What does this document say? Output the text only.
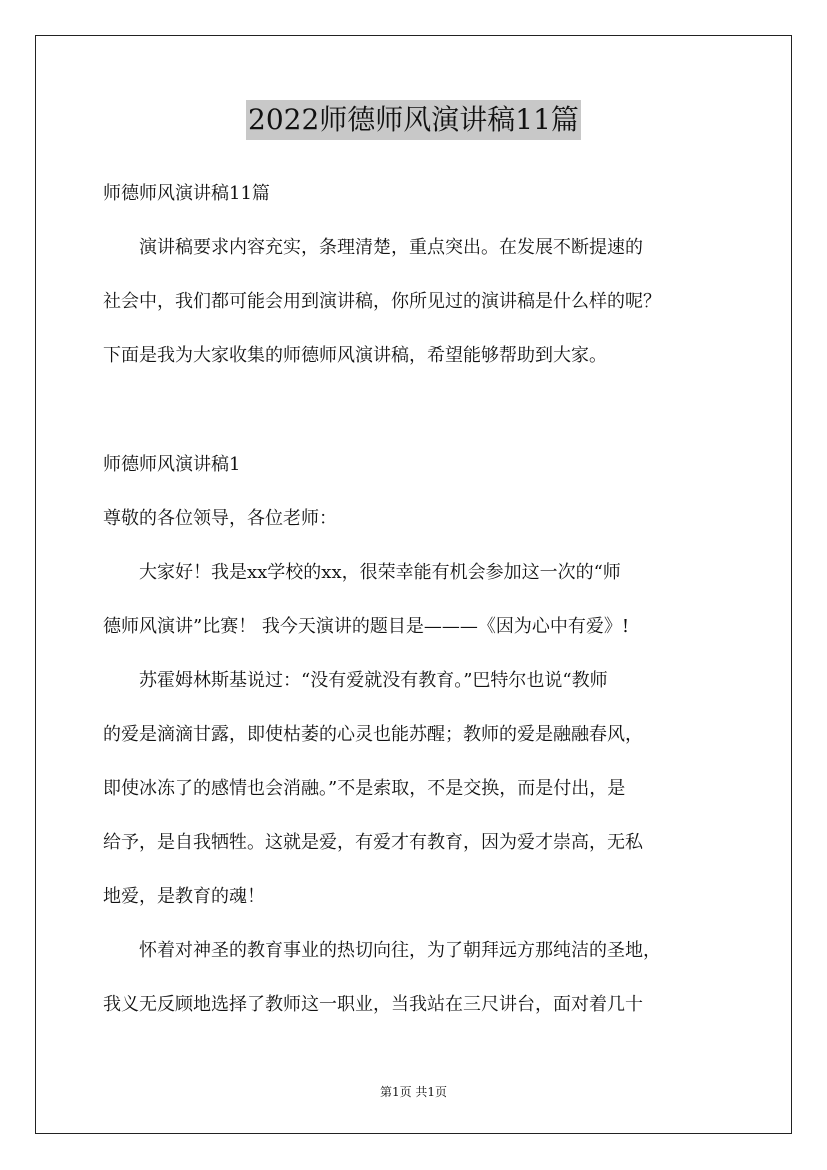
2022师德师风演讲稿11篇
师德师风演讲稿11篇
演讲稿要求内容充实，条理清楚，重点突出。在发展不断提速的
社会中，我们都可能会用到演讲稿，你所见过的演讲稿是什么样的呢？
下面是我为大家收集的师德师风演讲稿，希望能够帮助到大家。
师德师风演讲稿1
尊敬的各位领导，各位老师：
大家好！我是xx学校的xx，很荣幸能有机会参加这一次的“师
德师风演讲”比赛！ 我今天演讲的题目是———《因为心中有爱》!
苏霍姆林斯基说过：“没有爱就没有教育。”巴特尔也说“教师
的爱是滴滴甘露，即使枯萎的心灵也能苏醒；教师的爱是融融春风，
即使冰冻了的感情也会消融。”不是索取，不是交换，而是付出，是
给予，是自我牺牲。这就是爱，有爱才有教育，因为爱才崇高，无私
地爱，是教育的魂！
怀着对神圣的教育事业的热切向往，为了朝拜远方那纯洁的圣地，
我义无反顾地选择了教师这一职业，当我站在三尺讲台，面对着几十
第1页 共1页
